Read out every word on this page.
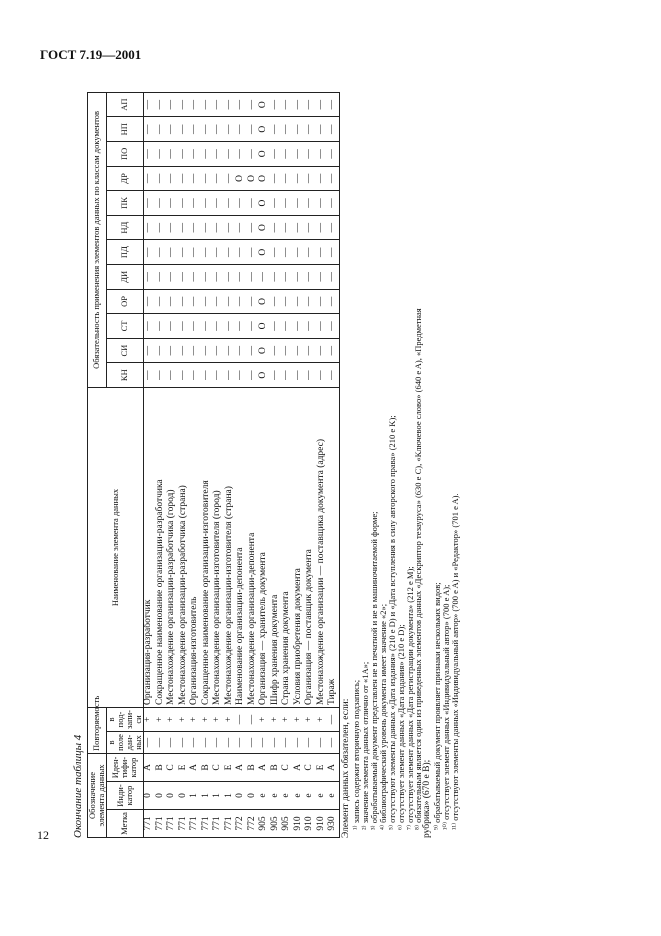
ГОСТ 7.19—2001
12 Окончание таблицы 4 Обозначение элемента данных			Повторяемость		Наименование элемента данных	Обязательность применения элементов данных по классам документов											
Метка	Инди- катор	Иден- тифи- катор	в поле дан- ных	в под- запи- си		КН	СИ	СТ	ОР	ДИ	ПД	НД	ПК	ДР	ПО	НП	АП
771	0	A	—	+	Организация-разработчик	—	—	—	—	—	—	—	—	—	—	—	—
771	0	B	—	+	Сокращенное наименование организации-разработчика	—	—	—	—	—	—	—	—	—	—	—	—
771	0	C	—	+	Местонахождение организации-разработчика (город)	—	—	—	—	—	—	—	—	—	—	—	—
771	0	E	—	+	Местонахождение организации-разработчика (страна)	—	—	—	—	—	—	—	—	—	—	—	—
771	1	A	—	+	Организация-изготовитель	—	—	—	—	—	—	—	—	—	—	—	—
771	1	B	—	+	Сокращенное наименование организации-изготовителя	—	—	—	—	—	—	—	—	—	—	—	—
771	1	C	—	+	Местонахождение организации-изготовителя (город)	—	—	—	—	—	—	—	—	—	—	—	—
771	1	E	—	+	Местонахождение организации-изготовителя (страна)	—	—	—	—	—	—	—	—	—	—	—	—
772	0	A	—	—	Наименование организации-депонента	—	—	—	—	—	—	—	—	O	—	—	—
772	0	B	—	—	Местонахождение организации-депонента	—	—	—	—	—	—	—	—	O	—	—	—
905	e	A	—	+	Организация — хранитель документа	O	O	O	O	—	O	O	O	O	O	O	O
905	e	B	—	+	Шифр хранения документа	—	—	—	—	—	—	—	—	—	—	—	—
905	e	C	—	+	Страна хранения документа	—	—	—	—	—	—	—	—	—	—	—	—
910	e	A	—	+	Условия приобретения документа	—	—	—	—	—	—	—	—	—	—	—	—
910	e	C	—	+	Организация — поставщик документа	—	—	—	—	—	—	—	—	—	—	—	—
910	e	E	—	+	Местонахождение организации — поставщика документа (адрес)	—	—	—	—	—	—	—	—	—	—	—	—
930	e	A	—	—	Тираж	—	—	—	—	—	—	—	—	—	—	—	—
Элемент данных обязателен, если: ¹⁾ запись содержит вторичную подзапись;
²⁾ значение элемента данных отлично от «1А»;
³⁾ обрабатываемый документ представлен не в печатной и не в машиночитаемой форме;
⁴⁾ библиографический уровень документа имеет значение «2»;
⁵⁾ отсутствуют элементы данных «Дата издания» (210 e D) и «Дата вступления в силу авторского права» (210 e K);
⁶⁾ отсутствует элемент данных «Дата издания» (210 e D);
⁷⁾ отсутствует элемент данных «Дата регистрации документа» (212 e M);
⁸⁾ обязательным является один из приведенных элементов данных «Дескриптор тезауруса» (630 e C), «Ключевое слово» (640 e A), «Предметная
рубрика» (670 e B); ⁹⁾ обрабатываемый документ проявляет признаки нескольких видов;
¹⁰⁾ отсутствует элемент данных «Индивидуальный автор» (700 e A);
¹¹⁾ отсутствуют элементы данных «Индивидуальный автор» (700 e A) и «Редактор» (701 e A).
